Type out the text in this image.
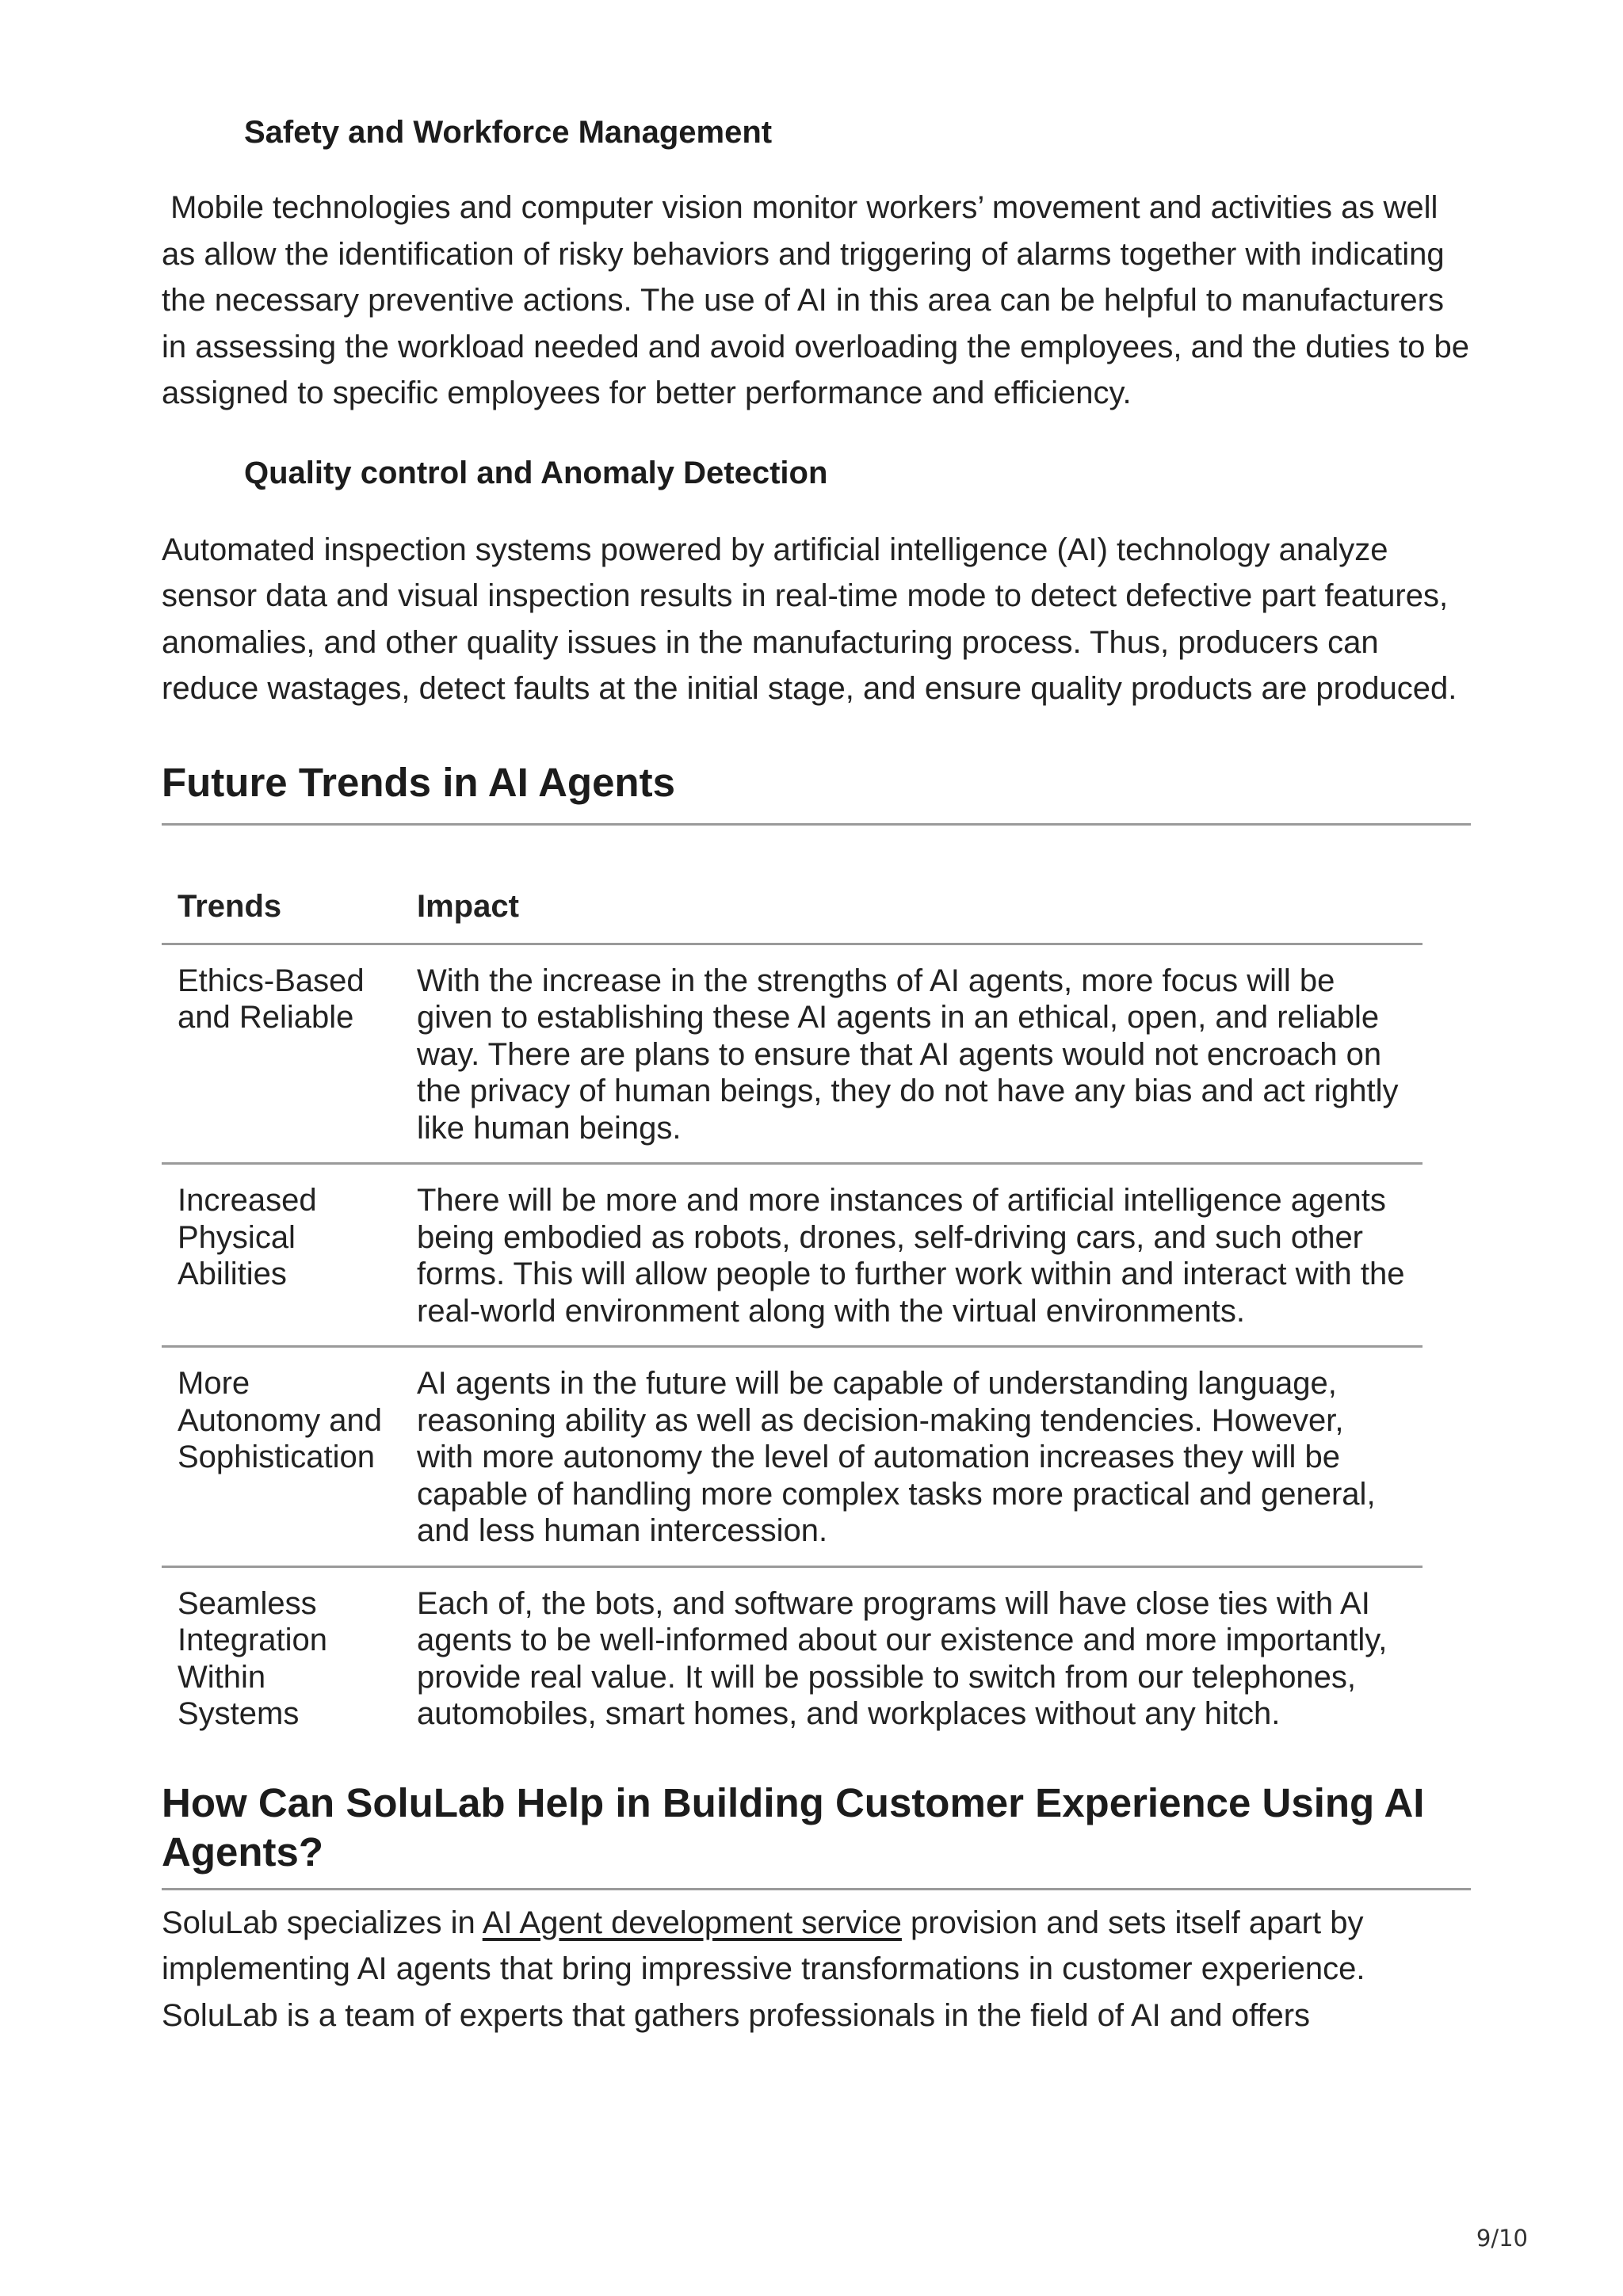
Safety and Workforce Management

Mobile technologies and computer vision monitor workers’ movement and activities as well as allow the identification of risky behaviors and triggering of alarms together with indicating the necessary preventive actions. The use of AI in this area can be helpful to manufacturers in assessing the workload needed and avoid overloading the employees, and the duties to be assigned to specific employees for better performance and efficiency.

Quality control and Anomaly Detection

Automated inspection systems powered by artificial intelligence (AI) technology analyze sensor data and visual inspection results in real-time mode to detect defective part features, anomalies, and other quality issues in the manufacturing process. Thus, producers can reduce wastages, detect faults at the initial stage, and ensure quality products are produced.

Future Trends in AI Agents
Trends	Impact
Ethics-Based and Reliable	With the increase in the strengths of AI agents, more focus will be given to establishing these AI agents in an ethical, open, and reliable way. There are plans to ensure that AI agents would not encroach on the privacy of human beings, they do not have any bias and act rightly like human beings.
Increased Physical Abilities	There will be more and more instances of artificial intelligence agents being embodied as robots, drones, self-driving cars, and such other forms. This will allow people to further work within and interact with the real-world environment along with the virtual environments.
More Autonomy and Sophistication	AI agents in the future will be capable of understanding language, reasoning ability as well as decision-making tendencies. However, with more autonomy the level of automation increases they will be capable of handling more complex tasks more practical and general, and less human intercession.
Seamless Integration Within Systems	Each of, the bots, and software programs will have close ties with AI agents to be well-informed about our existence and more importantly, provide real value. It will be possible to switch from our telephones, automobiles, smart homes, and workplaces without any hitch.
How Can SoluLab Help in Building Customer Experience Using AI Agents?

SoluLab specializes in AI Agent development service provision and sets itself apart by implementing AI agents that bring impressive transformations in customer experience. SoluLab is a team of experts that gathers professionals in the field of AI and offers

9/10
